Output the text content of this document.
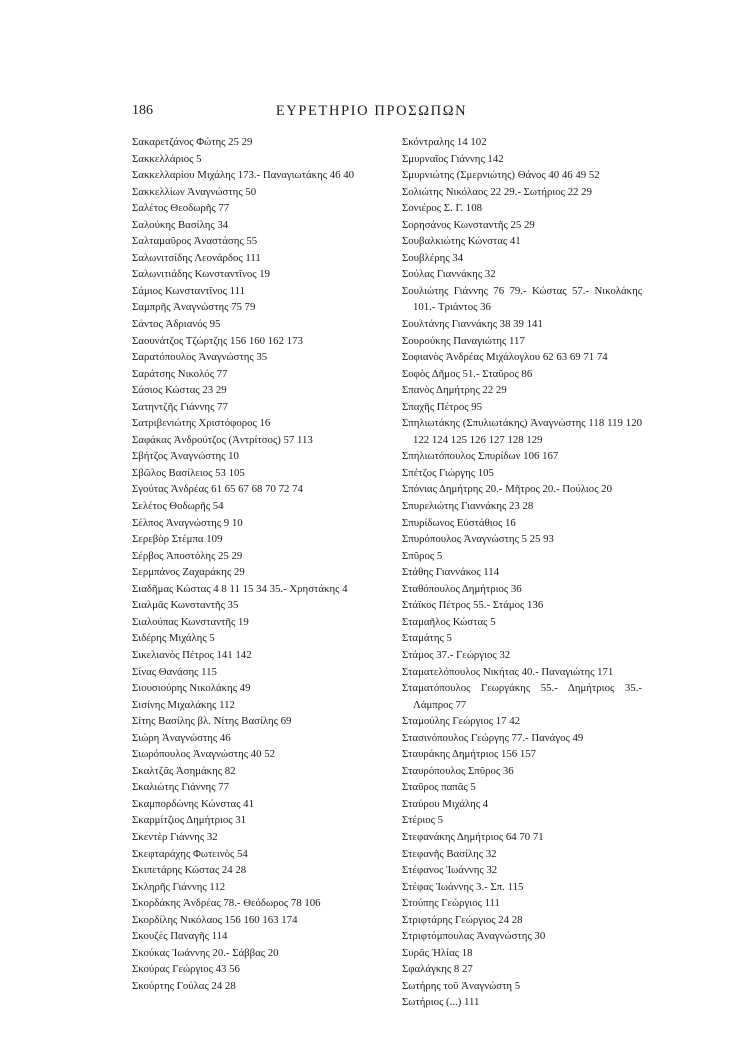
186	ΕΥΡΕΤΗΡΙΟ ΠΡΟΣΩΠΩΝ
Σακαρετζάνος Φώτης 25 29
Σακκελλάριος 5
Σακκελλαρίου Μιχάλης 173.- Παναγιωτάκης 46 40
Σακκελλίων Ἀναγνώστης 50
Σαλέτος Θεοδωρῆς 77
Σαλούκης Βασίλης 34
Σαλταμαῦρος Ἀναστάσης 55
Σαλωνιτσίδης Λεονάρδος 111
Σαλωνιτιάδης Κωνσταντῖνος 19
Σάμιος Κωνσταντῖνος 111
Σαμπρῆς Ἀναγνώστης 75 79
Σάντος Ἀδριανός 95
Σαουνάτζος Τζώρτζης 156 160 162 173
Σαρατόπουλος Ἀναγνώστης 35
Σαράτσης Νικολός 77
Σάσιος Κώστας 23 29
Σατηντζῆς Γιάννης 77
Σατριβενιώτης Χριστόφορος 16
Σαφάκας Ἀνδρούτζος (Ἀντρίτσος) 57 113
Σβήτζος Ἀναγνώστης 10
Σβῶλος Βασίλειος 53 105
Σγούτας Ἀνδρέας 61 65 67 68 70 72 74
Σελέτος Θοδωρῆς 54
Σέλπος Ἀναγνώστης 9 10
Σερεβὸρ Στέμπα 109
Σέρβος Ἀποστόλης 25 29
Σερμπάνος Ζαχαράκης 29
Σιαδῆμας Κώστας 4 8 11 15 34 35.- Χρηστάκης 4
Σιαλμᾶς Κωνσταντῆς 35
Σιαλούπας Κωνσταντῆς 19
Σιδέρης Μιχάλης 5
Σικελιανὸς Πέτρος 141 142
Σίνας Θανάσης 115
Σιουσιούρης Νικολάκης 49
Σισίνης Μιχαλάκης 112
Σίτης Βασίλης βλ. Νίτης Βασίλης 69
Σιώρη Ἀναγνώστης 46
Σιωρόπουλος Ἀναγνώστης 40 52
Σκαλτζᾶς Ἀσημάκης 82
Σκαλιώτης Γιάννης 77
Σκαμπορδώνης Κώνστας 41
Σκαρμίτζιος Δημήτριος 31
Σκεντὲρ Γιάννης 32
Σκεφταράχης Φωτεινὸς 54
Σκιπετάρης Κώστας 24 28
Σκληρῆς Γιάννης 112
Σκορδάκης Ἀνδρέας 78.- Θεόδωρος 78 106
Σκορδίλης Νικόλαος 156 160 163 174
Σκουζὲς Παναγῆς 114
Σκούκας Ἰωάννης 20.- Σάββας 20
Σκούρας Γεώργιος 43 56
Σκούρτης Γούλας 24 28
Σκόντραλης 14 102
Σμυρναῖος Γιάννης 142
Σμυρνιώτης (Σμερνιώτης) Θάνος 40 46 49 52
Σολιώτης Νικόλαος 22 29.- Σωτήριος 22 29
Σονιέρος Σ. Γ. 108
Σορησάνος Κωνσταντῆς 25 29
Σουβαλκιώτης Κώνστας 41
Σουβλέρης 34
Σούλας Γιαννάκης 32
Σουλιώτης Γιάννης 76 79.- Κώστας 57.- Νικολάκης 101.- Τριάντος 36
Σουλτάνης Γιαννάκης 38 39 141
Σουρούκης Παναγιώτης 117
Σοφιανὸς Ἀνδρέας Μιχάλογλου 62 63 69 71 74
Σοφὸς Δῆμος 51.- Σταῦρος 86
Σπανὸς Δημήτρης 22 29
Σπαχῆς Πέτρος 95
Σπηλιωτάκης (Σπυλιωτάκης) Ἀναγνώστης 118 119 120 122 124 125 126 127 128 129
Σπηλιωτόπουλος Σπυρίδων 106 167
Σπέτζος Γιώργης 105
Σπόνιας Δημήτρης 20.- Μῆτρος 20.- Πούλιος 20
Σπυρελιώτης Γιαννάκης 23 28
Σπυρίδωνος Εὐστάθιος 16
Σπυρόπουλος Ἀναγνώστης 5 25 93
Σπῦρος 5
Στάθης Γιαννάκος 114
Σταθόπουλος Δημήτριος 36
Στάϊκος Πέτρος 55.- Στάμος 136
Σταμαῆλος Κώστας 5
Σταμάτης 5
Στάμος 37.- Γεώργιος 32
Σταματελόπουλος Νικήτας 40.- Παναγιώτης 171
Σταματόπουλος Γεωργάκης 55.- Δημήτριος 35.- Λάμπρος 77
Σταμούλης Γεώργιος 17 42
Στασινόπουλος Γεώργης 77.- Πανάγος 49
Σταυράκης Δημήτριος 156 157
Σταυρόπουλος Σπῦρος 36
Σταῦρος παπᾶς 5
Σταύρου Μιχάλης 4
Στέριος 5
Στεφανάκης Δημήτριος 64 70 71
Στεφανῆς Βασίλης 32
Στέφανος Ἰωάννης 32
Στέφας Ἰωάννης 3.- Σπ. 115
Στούπης Γεώργιος 111
Στριφτάρης Γεώργιος 24 28
Στριφτόμπουλας Ἀναγνώστης 30
Συρᾶς Ἠλίας 18
Σφαλάγκης 8 27
Σωτήρης τοῦ Ἀναγνώστη 5
Σωτήριος (...) 111
